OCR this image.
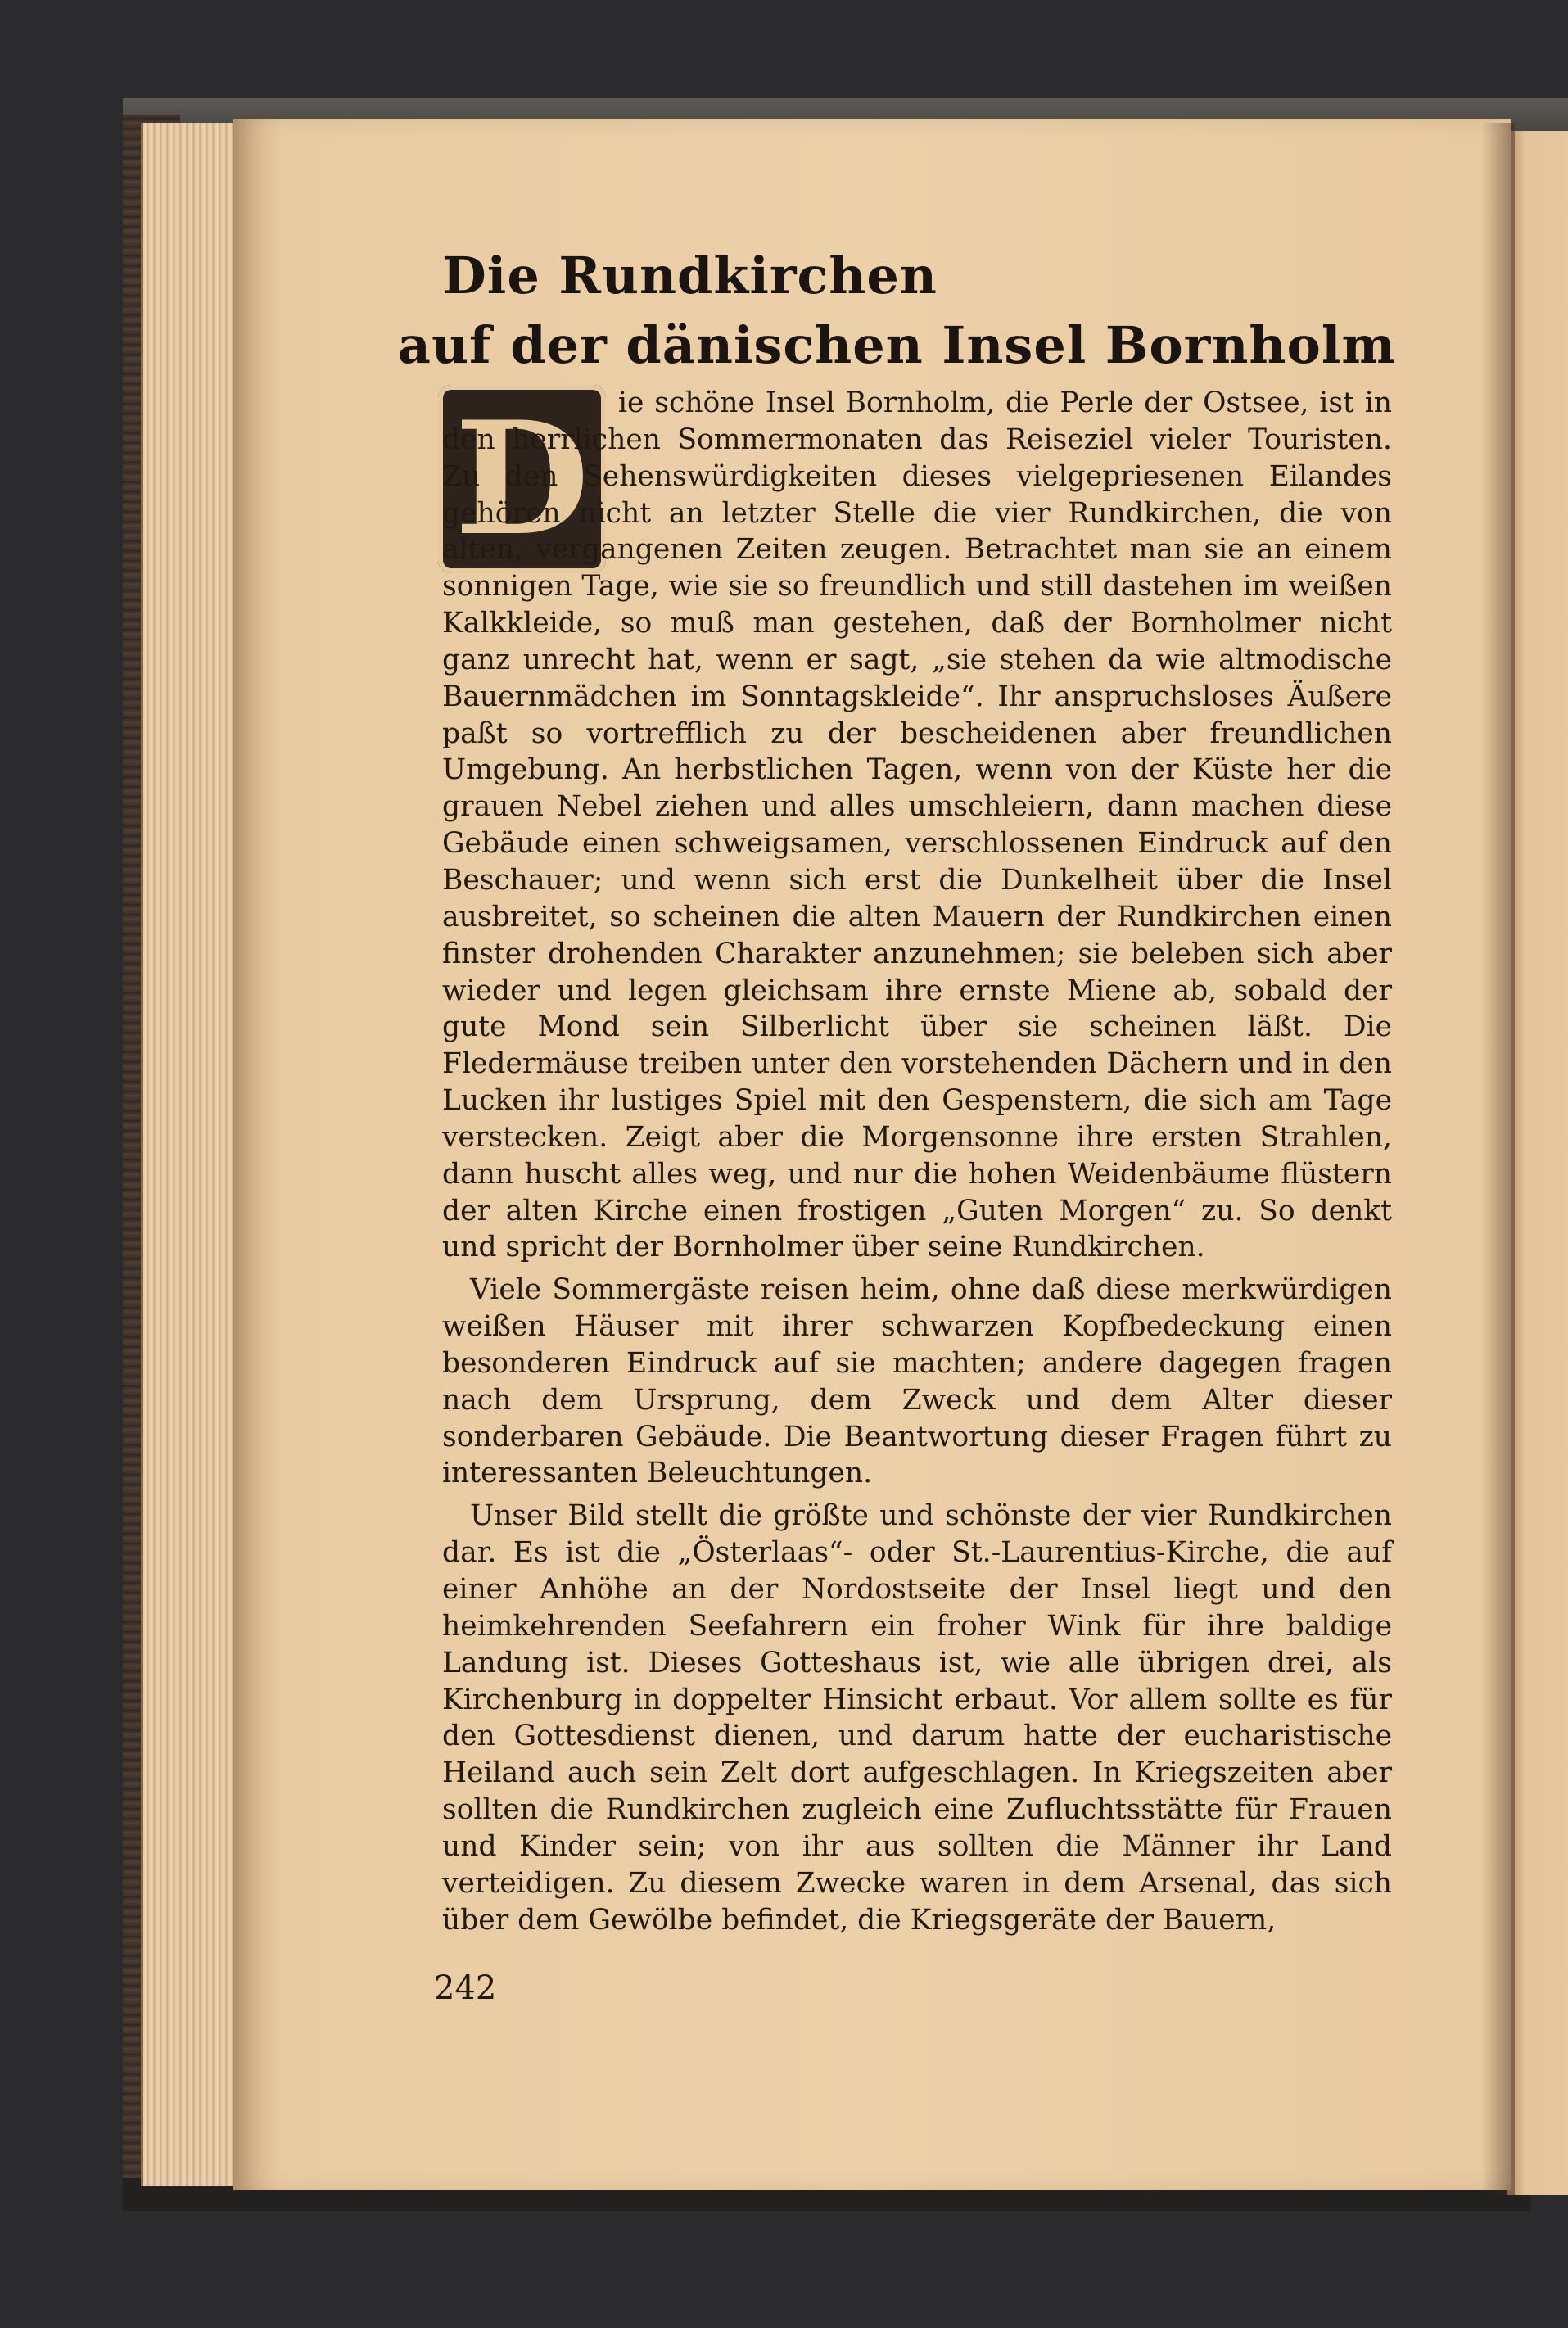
Die Rundkirchen
auf der dänischen Insel Bornholm
D	ie schöne Insel Bornholm, die Perle der Ostsee, ist in den herrlichen Sommermonaten das Reiseziel vieler Touristen. Zu den Sehenswürdigkeiten dieses vielgepriesenen Eilandes gehören nicht an letzter Stelle die vier Rundkirchen, die von alten, vergangenen Zeiten zeugen. Betrachtet man sie an einem sonnigen Tage, wie sie so freundlich und still dastehen im weißen Kalkkleide, so muß man gestehen, daß der Bornholmer nicht ganz unrecht hat, wenn er sagt, „sie stehen da wie altmodische Bauernmädchen im Sonntagskleide“. Ihr anspruchsloses Äußere paßt so vortrefflich zu der bescheidenen aber freundlichen Umgebung. An herbstlichen Tagen, wenn von der Küste her die grauen Nebel ziehen und alles umschleiern, dann machen diese Gebäude einen schweigsamen, verschlossenen Eindruck auf den Beschauer; und wenn sich erst die Dunkelheit über die Insel ausbreitet, so scheinen die alten Mauern der Rundkirchen einen finster drohenden Charakter anzunehmen; sie beleben sich aber wieder und legen gleichsam ihre ernste Miene ab, sobald der gute Mond sein Silberlicht über sie scheinen läßt. Die Fledermäuse treiben unter den vorstehenden Dächern und in den Lucken ihr lustiges Spiel mit den Gespenstern, die sich am Tage verstecken. Zeigt aber die Morgensonne ihre ersten Strahlen, dann huscht alles weg, und nur die hohen Weidenbäume flüstern der alten Kirche einen frostigen „Guten Morgen“ zu. So denkt und spricht der Bornholmer über seine Rundkirchen.

Viele Sommergäste reisen heim, ohne daß diese merkwürdigen weißen Häuser mit ihrer schwarzen Kopfbedeckung einen besonderen Eindruck auf sie machten; andere dagegen fragen nach dem Ursprung, dem Zweck und dem Alter dieser sonderbaren Gebäude. Die Beantwortung dieser Fragen führt zu interessanten Beleuchtungen.

Unser Bild stellt die größte und schönste der vier Rundkirchen dar. Es ist die „Österlaas“- oder St.-Laurentius-Kirche, die auf einer Anhöhe an der Nordostseite der Insel liegt und den heimkehrenden Seefahrern ein froher Wink für ihre baldige Landung ist. Dieses Gotteshaus ist, wie alle übrigen drei, als Kirchenburg in doppelter Hinsicht erbaut. Vor allem sollte es für den Gottesdienst dienen, und darum hatte der eucharistische Heiland auch sein Zelt dort aufgeschlagen. In Kriegszeiten aber sollten die Rundkirchen zugleich eine Zufluchtsstätte für Frauen und Kinder sein; von ihr aus sollten die Männer ihr Land verteidigen. Zu diesem Zwecke waren in dem Arsenal, das sich über dem Gewölbe befindet, die Kriegsgeräte der Bauern,

242
